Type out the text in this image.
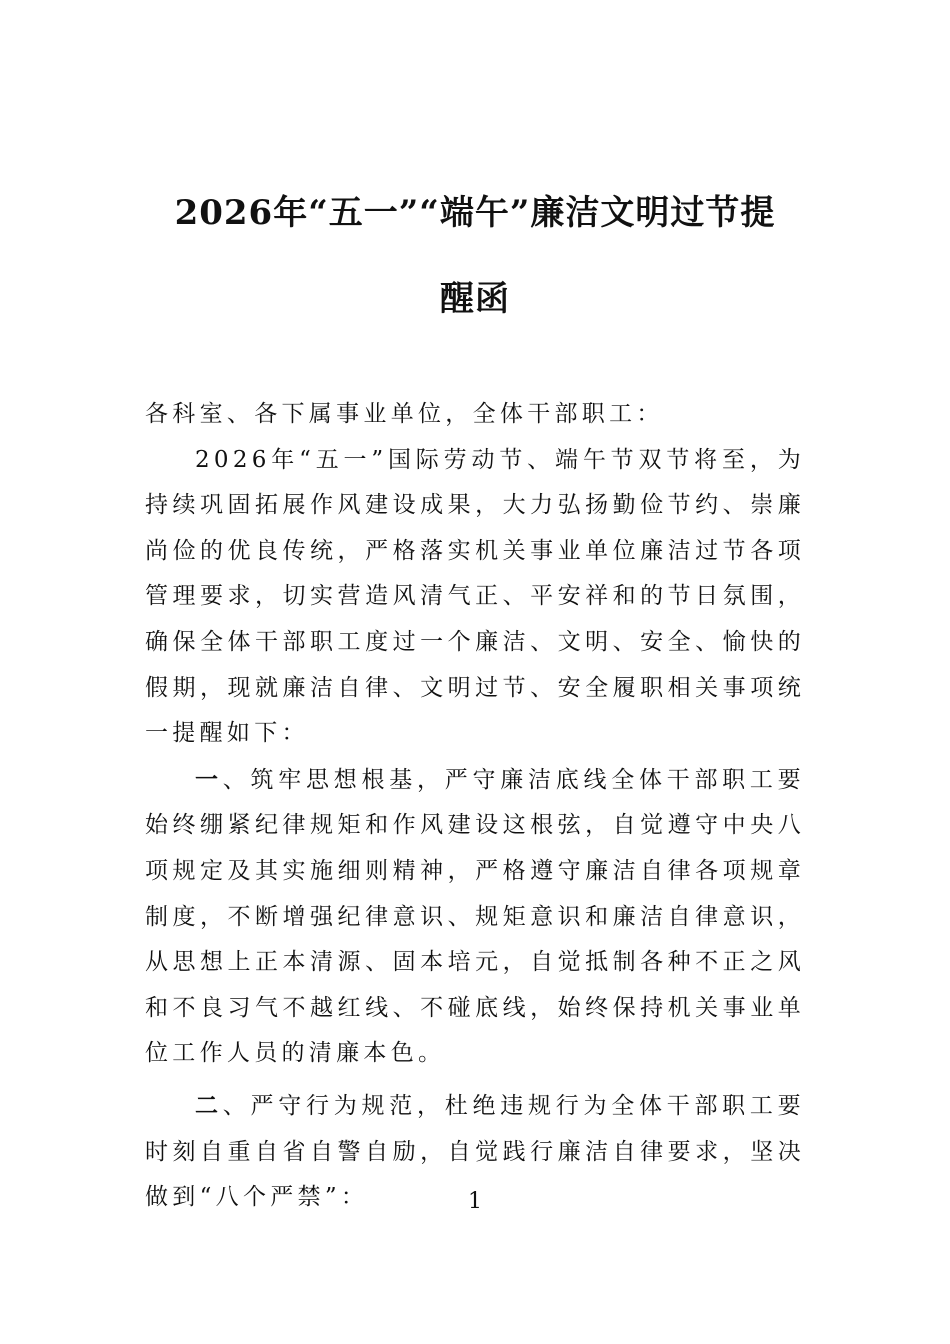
2026年“五一”“端午”廉洁文明过节提
醒函

各科室、各下属事业单位，全体干部职工：

2026年“五一”国际劳动节、端午节双节将至，为持续巩固拓展作风建设成果，大力弘扬勤俭节约、崇廉尚俭的优良传统，严格落实机关事业单位廉洁过节各项管理要求，切实营造风清气正、平安祥和的节日氛围，确保全体干部职工度过一个廉洁、文明、安全、愉快的假期，现就廉洁自律、文明过节、安全履职相关事项统一提醒如下：

一、筑牢思想根基，严守廉洁底线全体干部职工要始终绷紧纪律规矩和作风建设这根弦，自觉遵守中央八项规定及其实施细则精神，严格遵守廉洁自律各项规章制度，不断增强纪律意识、规矩意识和廉洁自律意识，从思想上正本清源、固本培元，自觉抵制各种不正之风和不良习气不越红线、不碰底线，始终保持机关事业单位工作人员的清廉本色。

二、严守行为规范，杜绝违规行为全体干部职工要时刻自重自省自警自励，自觉践行廉洁自律要求，坚决做到“八个严禁”：	1
